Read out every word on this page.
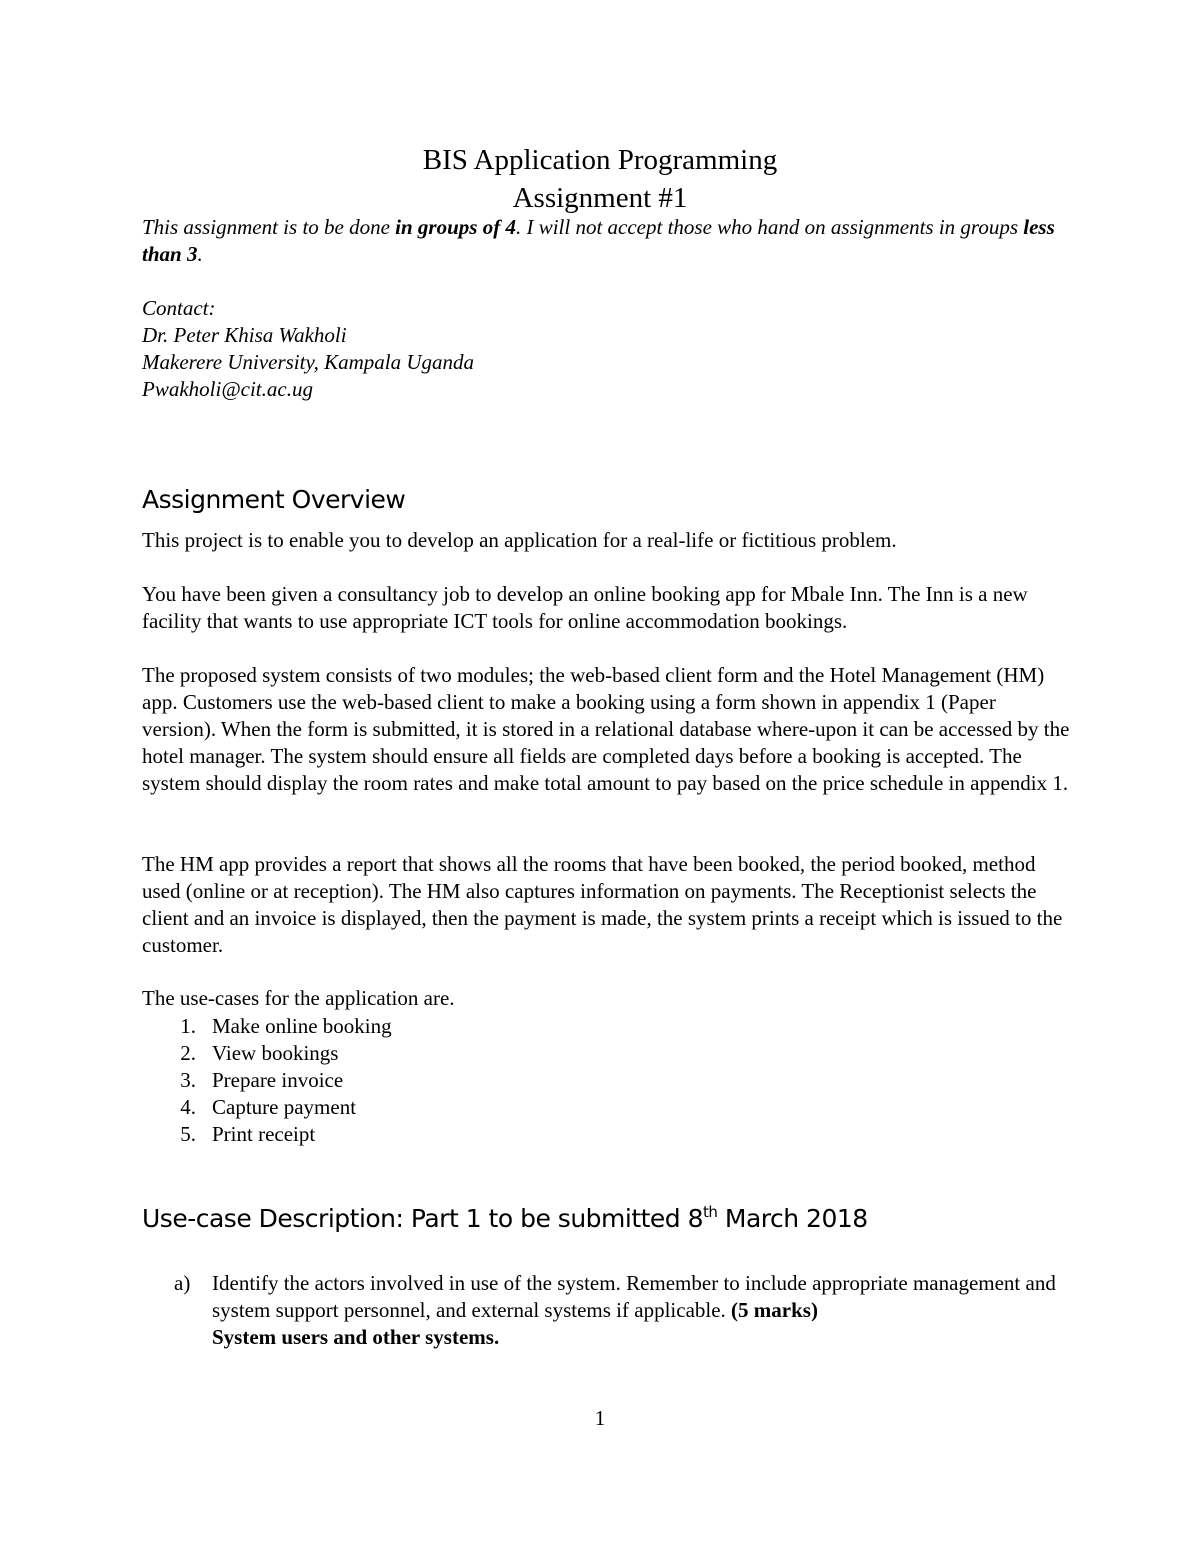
BIS Application Programming
Assignment #1

This assignment is to be done in groups of 4. I will not accept those who hand on assignments in groups less than 3.

Contact:
Dr. Peter Khisa Wakholi
Makerere University, Kampala Uganda
Pwakholi@cit.ac.ug
Assignment Overview

This project is to enable you to develop an application for a real-life or fictitious problem.

You have been given a consultancy job to develop an online booking app for Mbale Inn. The Inn is a new facility that wants to use appropriate ICT tools for online accommodation bookings.

The proposed system consists of two modules; the web-based client form and the Hotel Management (HM) app. Customers use the web-based client to make a booking using a form shown in appendix 1 (Paper version). When the form is submitted, it is stored in a relational database where-upon it can be accessed by the hotel manager. The system should ensure all fields are completed days before a booking is accepted. The system should display the room rates and make total amount to pay based on the price schedule in appendix 1.

The HM app provides a report that shows all the rooms that have been booked, the period booked, method used (online or at reception). The HM also captures information on payments. The Receptionist selects the client and an invoice is displayed, then the payment is made, the system prints a receipt which is issued to the customer.

The use-cases for the application are.

1. Make online booking
2. View bookings
3. Prepare invoice
4. Capture payment
5. Print receipt
Use-case Description: Part 1 to be submitted 8th March 2018
a) Identify the actors involved in use of the system. Remember to include appropriate management and system support personnel, and external systems if applicable. (5 marks)
System users and other systems.
1
